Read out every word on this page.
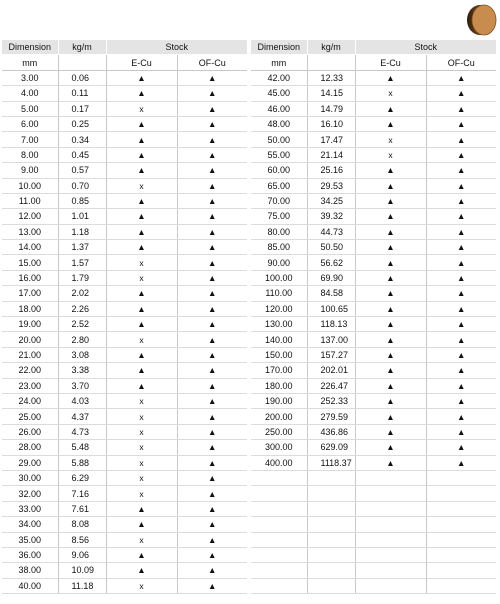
Dimension	kg/m	Stock	
mm		E-Cu	OF-Cu
3.00	0.06	▲	▲
4.00	0.11	▲	▲
5.00	0.17	x	▲
6.00	0.25	▲	▲
7.00	0.34	▲	▲
8.00	0.45	▲	▲
9.00	0.57	▲	▲
10.00	0.70	x	▲
11.00	0.85	▲	▲
12.00	1.01	▲	▲
13.00	1.18	▲	▲
14.00	1.37	▲	▲
15.00	1.57	x	▲
16.00	1.79	x	▲
17.00	2.02	▲	▲
18.00	2.26	▲	▲
19.00	2.52	▲	▲
20.00	2.80	x	▲
21.00	3.08	▲	▲
22.00	3.38	▲	▲
23.00	3.70	▲	▲
24.00	4.03	x	▲
25.00	4.37	x	▲
26.00	4.73	x	▲
28.00	5.48	x	▲
29.00	5.88	x	▲
30.00	6.29	x	▲
32.00	7.16	x	▲
33.00	7.61	▲	▲
34.00	8.08	▲	▲
35.00	8.56	x	▲
36.00	9.06	▲	▲
38.00	10.09	▲	▲
40.00	11.18	x	▲
Dimension	kg/m	Stock	
mm		E-Cu	OF-Cu
42.00	12.33	▲	▲
45.00	14.15	x	▲
46.00	14.79	▲	▲
48.00	16.10	▲	▲
50.00	17.47	x	▲
55.00	21.14	x	▲
60.00	25.16	▲	▲
65.00	29.53	▲	▲
70.00	34.25	▲	▲
75.00	39.32	▲	▲
80.00	44.73	▲	▲
85.00	50.50	▲	▲
90.00	56.62	▲	▲
100.00	69.90	▲	▲
110.00	84.58	▲	▲
120.00	100.65	▲	▲
130.00	118.13	▲	▲
140.00	137.00	▲	▲
150.00	157.27	▲	▲
170.00	202.01	▲	▲
180.00	226.47	▲	▲
190.00	252.33	▲	▲
200.00	279.59	▲	▲
250.00	436.86	▲	▲
300.00	629.09	▲	▲
400.00	1118.37	▲	▲
